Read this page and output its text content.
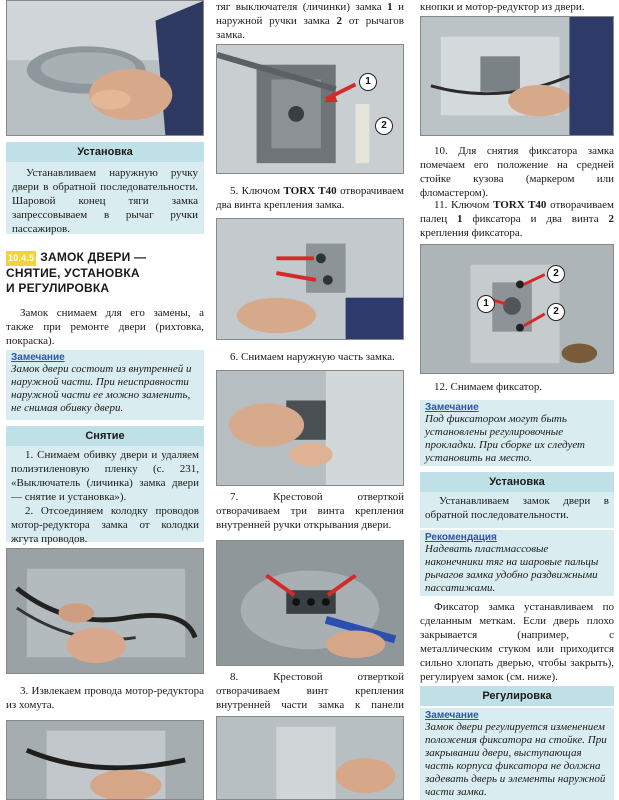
Установка
Устанавливаем наружную ручку двери в обратной последовательности. Шаровой конец тяги замка запрессовываем в рычаг ручки пассажиров.
10.4.5 ЗАМОК ДВЕРИ —
СНЯТИЕ, УСТАНОВКА
И РЕГУЛИРОВКА
Замок снимаем для его замены, а также при ремонте двери (рихтовка, покраска).
Замечание
Замок двери состоит из внутренней и наружной части. При неисправности наружной части ее можно заменить, не снимая обивку двери.
Снятие
1. Снимаем обивку двери и удаляем полиэтиленовую пленку (с. 231, «Выключатель (личинка) замка двери — снятие и установка»).
2. Отсоединяем колодку проводов мотор-редуктора замка от колодки жгута проводов.
3. Извлекаем провода мотор-редуктора из хомута.
тяг выключателя (личинки) замка 1 и наружной ручки замка 2 от рычагов замка.
1
2
5. Ключом TORX T40 отворачиваем два винта крепления замка.
6. Снимаем наружную часть замка.
7. Крестовой отверткой отворачиваем три винта крепления внутренней ручки открывания двери.
8. Крестовой отверткой отворачиваем винт крепления внутренней части замка к панели
кнопки и мотор-редуктор из двери.
10. Для снятия фиксатора замка помечаем его положение на средней стойке кузова (маркером или фломастером).
11. Ключом TORX T40 отворачиваем палец 1 фиксатора и два винта 2 крепления фиксатора.
1
2
2
12. Снимаем фиксатор.
Замечание
Под фиксатором могут быть установлены регулировочные прокладки. При сборке их следует установить на место.
Установка
Устанавливаем замок двери в обратной последовательности.
Рекомендация
Надевать пластмассовые наконечники тяг на шаровые пальцы рычагов замка удобно раздвижными пассатижами.
Фиксатор замка устанавливаем по сделанным меткам. Если дверь плохо закрывается (например, с металлическим стуком или приходится сильно хлопать дверью, чтобы закрыть), регулируем замок (см. ниже).
Регулировка
Замечание
Замок двери регулируется изменением положения фиксатора на стойке. При закрывании двери, выступающая часть корпуса фиксатора не должна задевать дверь и элементы наружной части замка.
